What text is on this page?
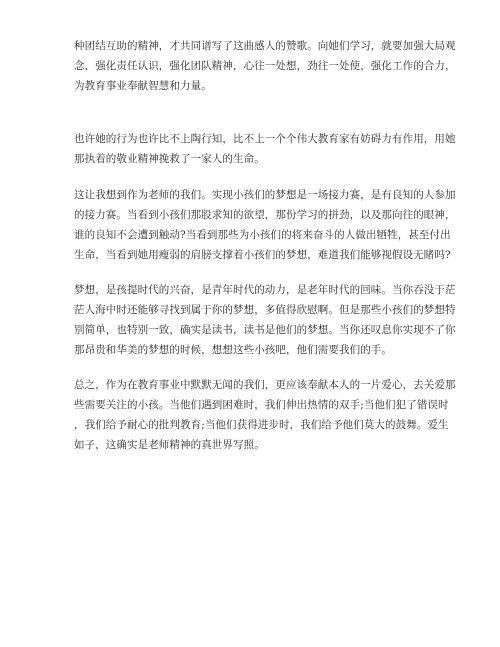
种团结互助的精神，才共同谱写了这曲感人的赞歌。向她们学习，就要加强大局观
念，强化责任认识，强化团队精神，心往一处想，劲往一处使，强化工作的合力，
为教育事业奉献智慧和力量。

也许她的行为也许比不上陶行知，比不上一个个伟大教育家有妨碍力有作用，用她
那执着的敬业精神挽救了一家人的生命。

这让我想到作为老师的我们。实现小孩们的梦想是一场接力赛，是有良知的人参加
的接力赛。当看到小孩们那股求知的欲望，那份学习的拼劲，以及那向往的眼神，
谁的良知不会遭到触动?当看到那些为小孩们的将来奋斗的人做出牺牲，甚至付出
生命，当看到她用瘦弱的肩膀支撑着小孩们的梦想，难道我们能够视假设无睹吗?

梦想，是孩提时代的兴奋，是青年时代的动力，是老年时代的回味。当你吞没于茫
茫人海中时还能够寻找到属于你的梦想，多值得欣慰啊。但是那些小孩们的梦想特
别简单，也特别一致，确实是读书，读书是他们的梦想。当你还叹息你实现不了你
那昂贵和华美的梦想的时候，想想这些小孩吧，他们需要我们的手。

总之，作为在教育事业中默默无闻的我们，更应该奉献本人的一片爱心，去关爱那
些需要关注的小孩。当他们遇到困难时，我们伸出热情的双手;当他们犯了错误时
，我们给予耐心的批判教育;当他们获得进步时，我们给予他们莫大的鼓舞。爱生
如子，这确实是老师精神的真世界写照。
